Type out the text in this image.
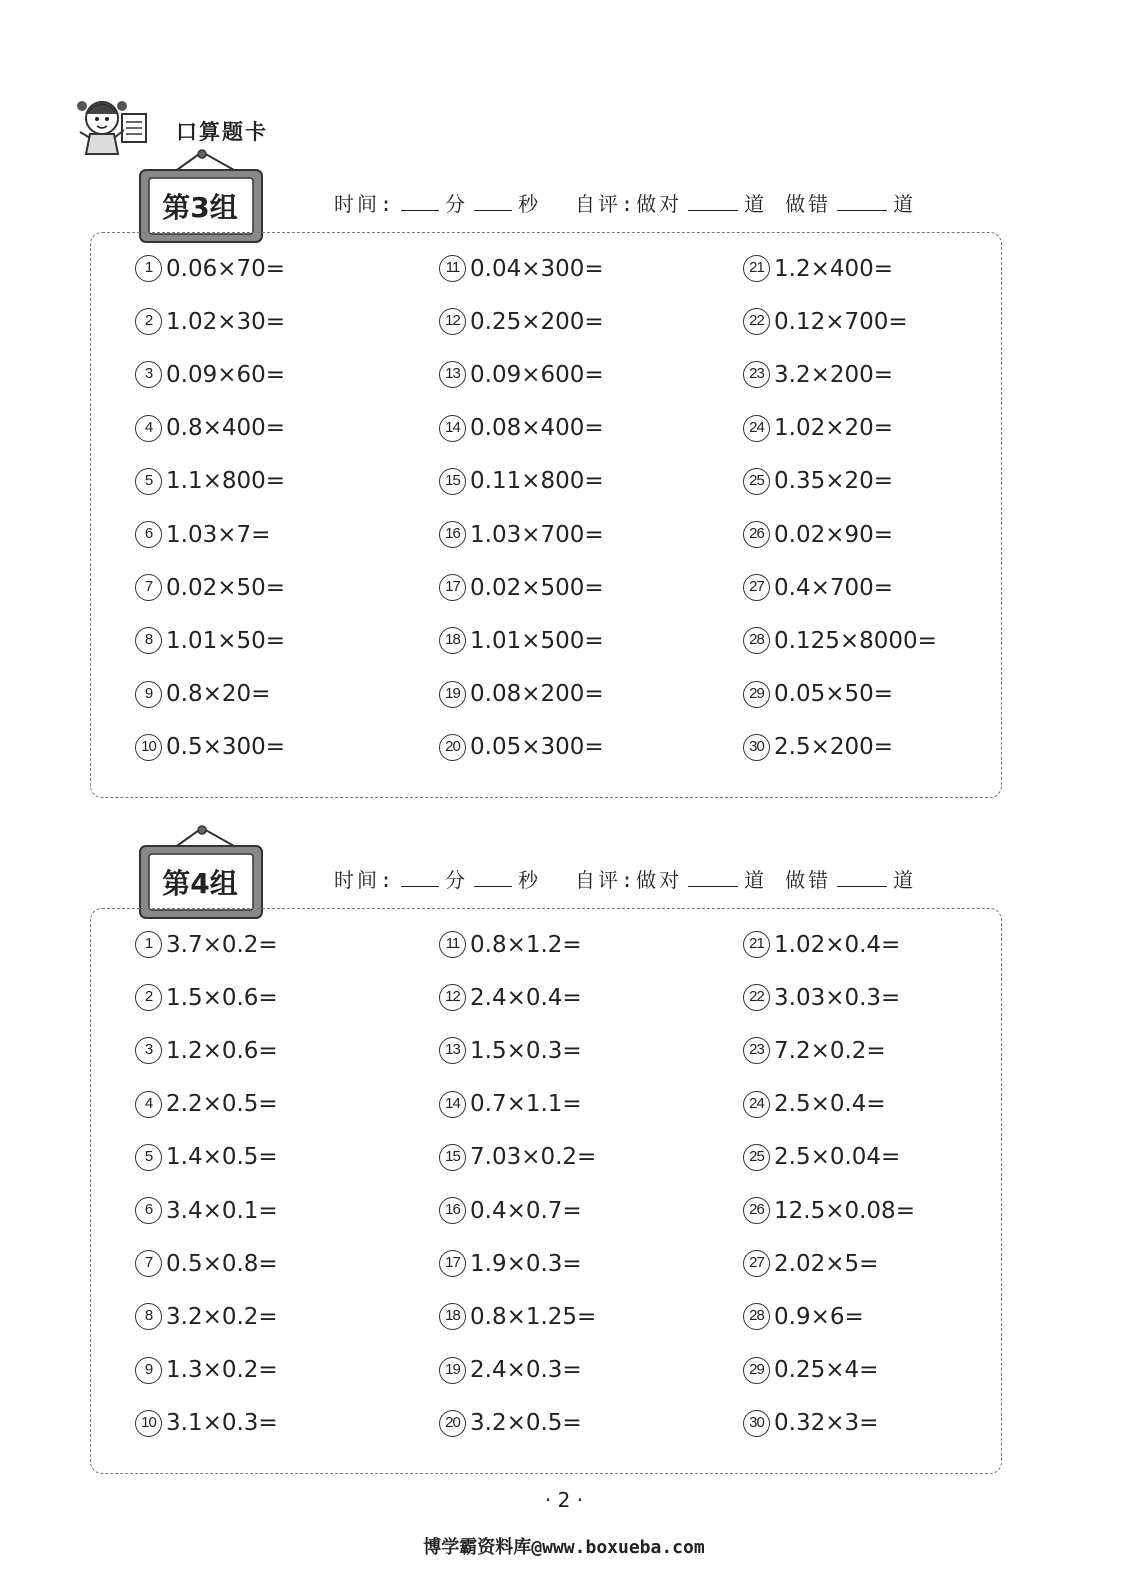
口算题卡
第3组	时间:	分	秒 自评:做对	道 做错	道
1 0.06×70=
2 1.02×30=
3 0.09×60=
4 0.8×400=
5 1.1×800=
6 1.03×7=
7 0.02×50=
8 1.01×50=
9 0.8×20=
10 0.5×300=
11 0.04×300=
12 0.25×200=
13 0.09×600=
14 0.08×400=
15 0.11×800=
16 1.03×700=
17 0.02×500=
18 1.01×500=
19 0.08×200=
20 0.05×300=
21 1.2×400=
22 0.12×700=
23 3.2×200=
24 1.02×20=
25 0.35×20=
26 0.02×90=
27 0.4×700=
28 0.125×8000=
29 0.05×50=
30 2.5×200=
第4组	时间:	分	秒 自评:做对	道 做错	道
1 3.7×0.2=
2 1.5×0.6=
3 1.2×0.6=
4 2.2×0.5=
5 1.4×0.5=
6 3.4×0.1=
7 0.5×0.8=
8 3.2×0.2=
9 1.3×0.2=
10 3.1×0.3=
11 0.8×1.2=
12 2.4×0.4=
13 1.5×0.3=
14 0.7×1.1=
15 7.03×0.2=
16 0.4×0.7=
17 1.9×0.3=
18 0.8×1.25=
19 2.4×0.3=
20 3.2×0.5=
21 1.02×0.4=
22 3.03×0.3=
23 7.2×0.2=
24 2.5×0.4=
25 2.5×0.04=
26 12.5×0.08=
27 2.02×5=
28 0.9×6=
29 0.25×4=
30 0.32×3=
· 2 ·
博学霸资料库@www.boxueba.com
